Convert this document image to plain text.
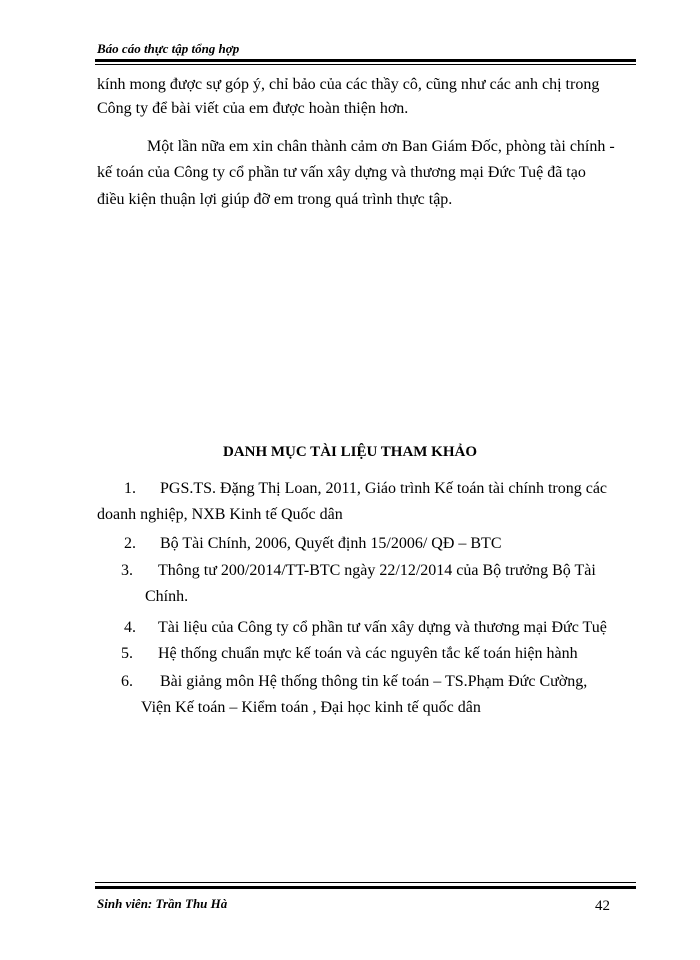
Báo cáo thực tập tổng hợp
kính mong được sự góp ý, chỉ bảo của các thầy cô, cũng như các anh chị trong
Công ty để bài viết của em được hoàn thiện hơn.
Một lần nữa em xin chân thành cảm ơn Ban Giám Đốc, phòng tài chính -
kế toán của Công ty cổ phần tư vấn xây dựng và thương mại Đức Tuệ đã tạo
điều kiện thuận lợi giúp đỡ em trong quá trình thực tập.
DANH MỤC TÀI LIỆU THAM KHẢO
1. PGS.TS. Đặng Thị Loan, 2011, Giáo trình Kế toán tài chính trong các
doanh nghiệp, NXB Kinh tế Quốc dân
2. Bộ Tài Chính, 2006, Quyết định 15/2006/ QĐ – BTC
3. Thông tư 200/2014/TT-BTC ngày 22/12/2014 của Bộ trưởng Bộ Tài
Chính.
4. Tài liệu của Công ty cổ phần tư vấn xây dựng và thương mại Đức Tuệ
5. Hệ thống chuẩn mực kế toán và các nguyên tắc kế toán hiện hành
6. Bài giảng môn Hệ thống thông tin kế toán – TS.Phạm Đức Cường,
Viện Kế toán – Kiểm toán , Đại học kinh tế quốc dân
Sinh viên: Trần Thu Hà	42
